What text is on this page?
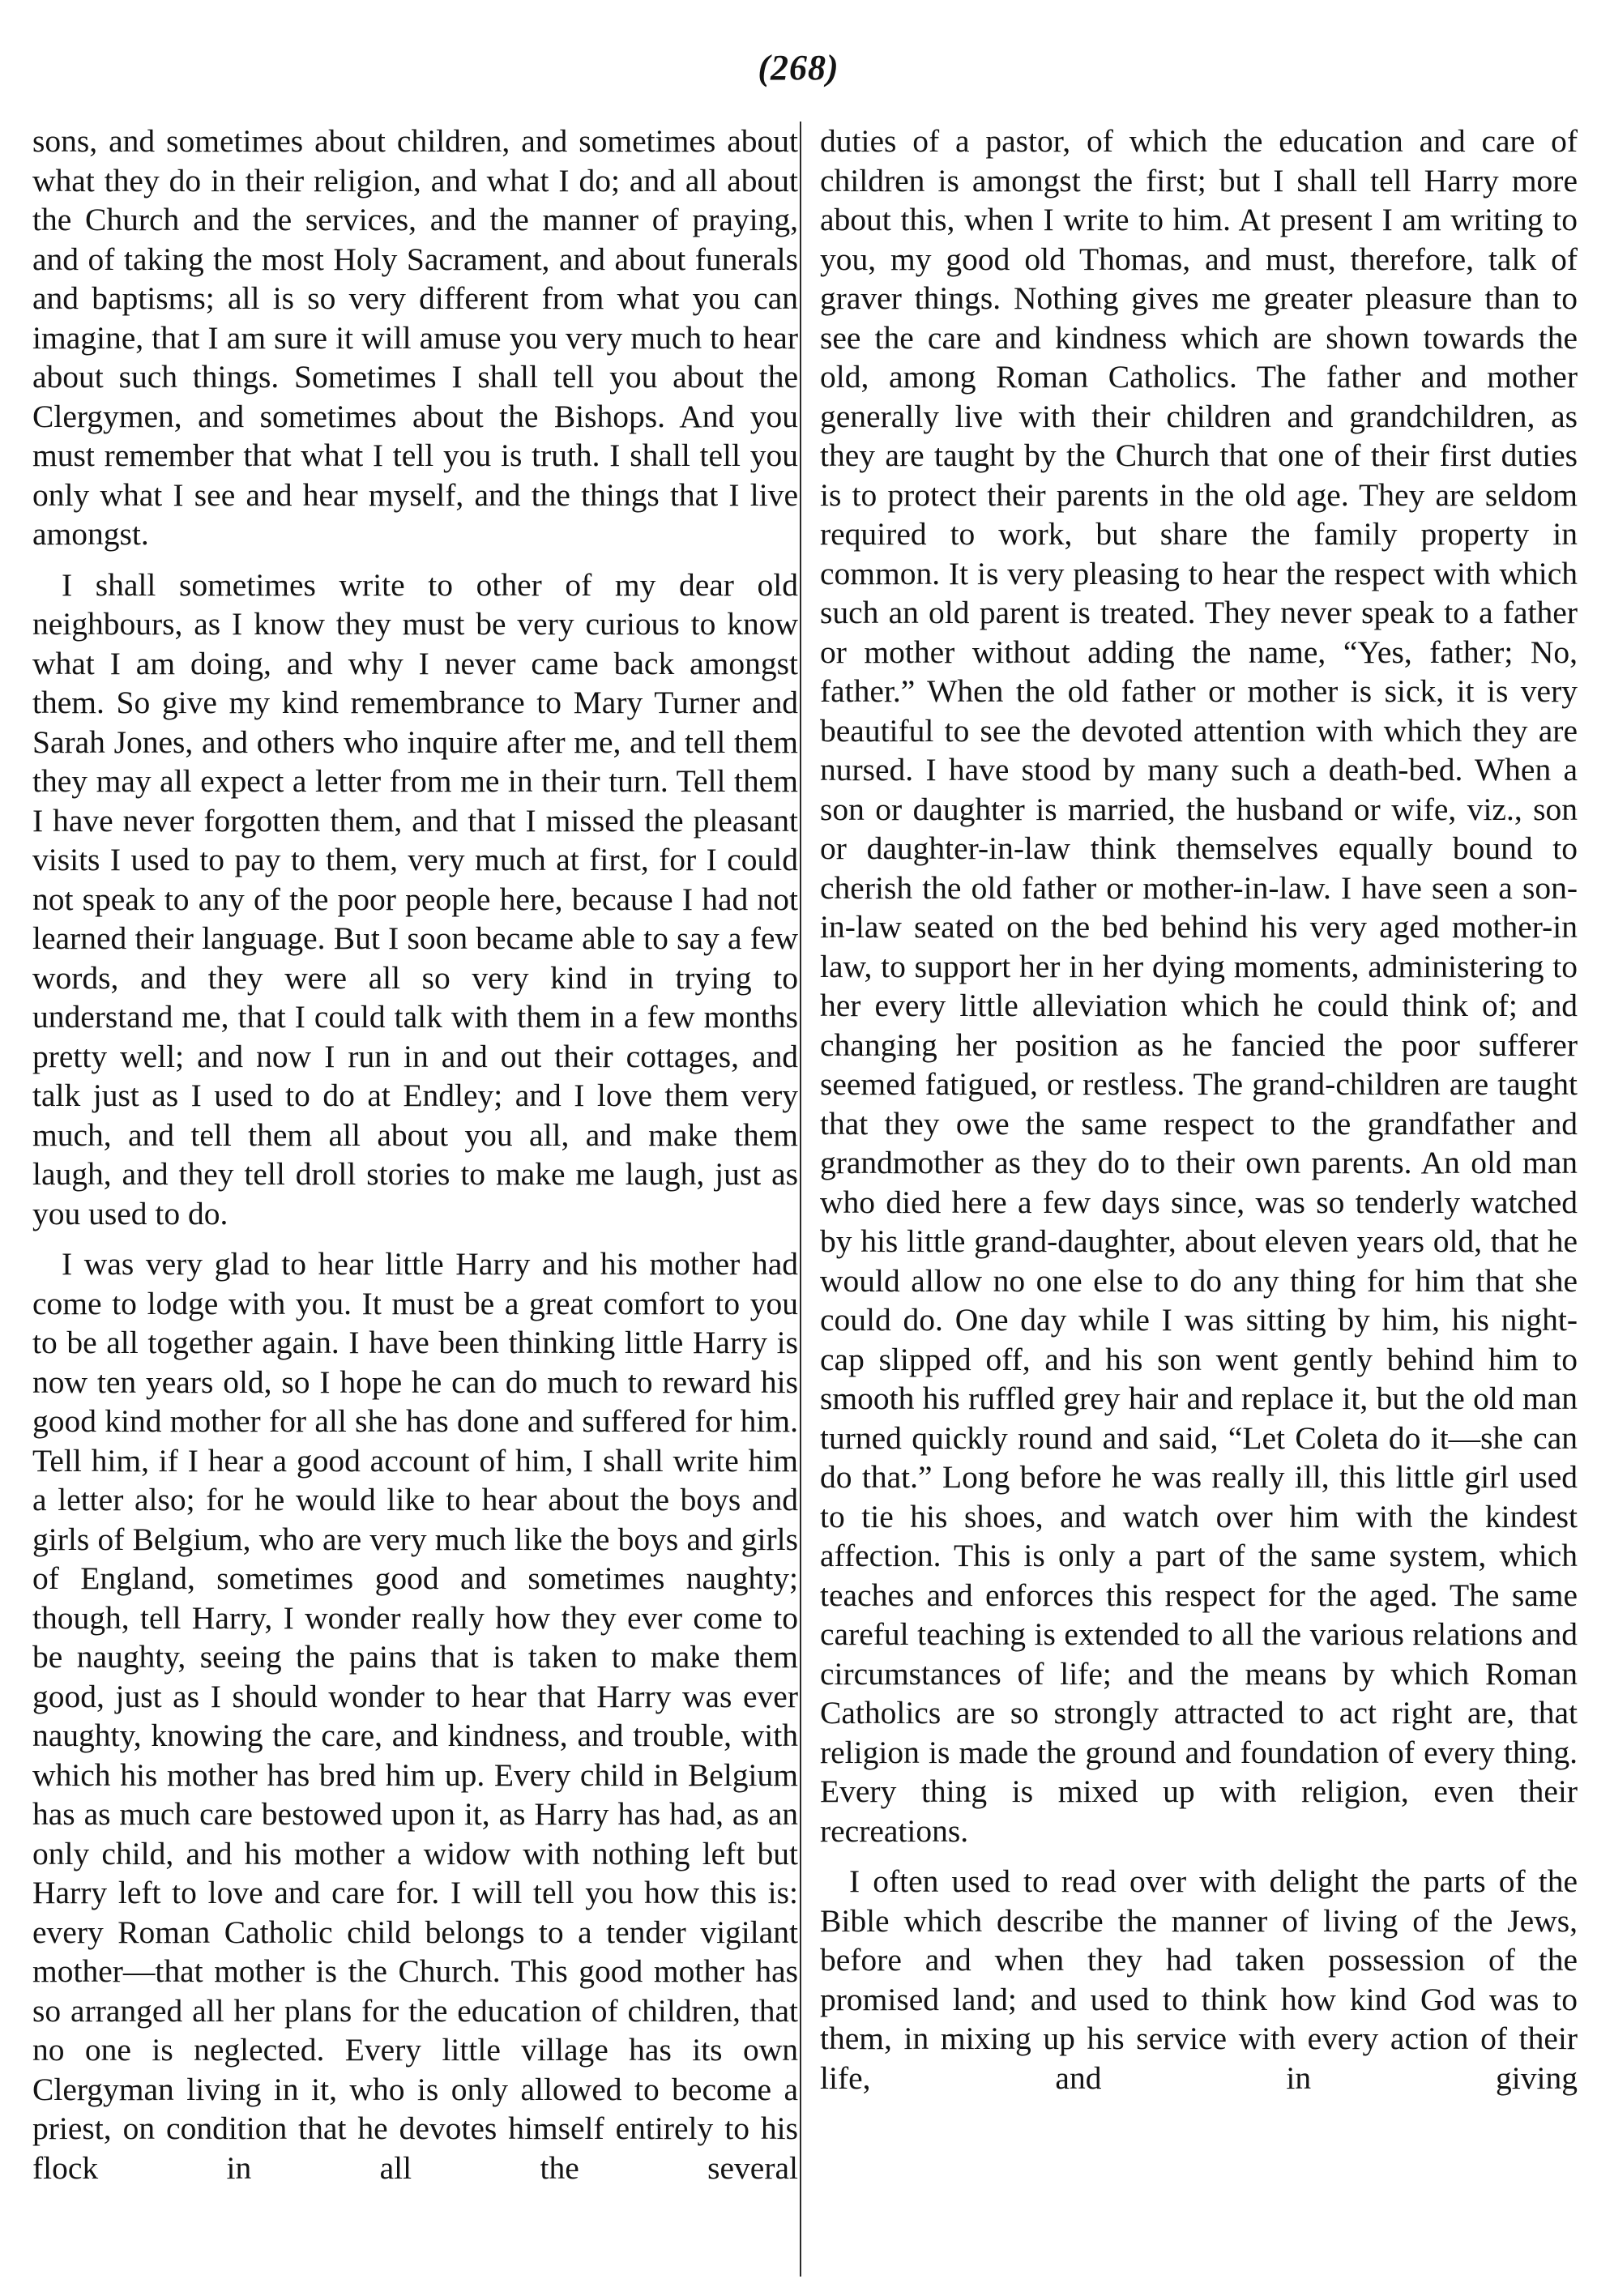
(268)

sons, and sometimes about children, and sometimes about what they do in their religion, and what I do; and all about the Church and the services, and the manner of praying, and of taking the most Holy Sacrament, and about funerals and baptisms; all is so very different from what you can imagine, that I am sure it will amuse you very much to hear about such things. Sometimes I shall tell you about the Clergymen, and sometimes about the Bishops. And you must remember that what I tell you is truth. I shall tell you only what I see and hear myself, and the things that I live amongst.

I shall sometimes write to other of my dear old neighbours, as I know they must be very curious to know what I am doing, and why I never came back amongst them. So give my kind remembrance to Mary Turner and Sarah Jones, and others who inquire after me, and tell them they may all expect a letter from me in their turn. Tell them I have never forgotten them, and that I missed the pleasant visits I used to pay to them, very much at first, for I could not speak to any of the poor people here, because I had not learned their language. But I soon became able to say a few words, and they were all so very kind in trying to understand me, that I could talk with them in a few months pretty well; and now I run in and out their cottages, and talk just as I used to do at Endley; and I love them very much, and tell them all about you all, and make them laugh, and they tell droll stories to make me laugh, just as you used to do.

I was very glad to hear little Harry and his mother had come to lodge with you. It must be a great comfort to you to be all together again. I have been thinking little Harry is now ten years old, so I hope he can do much to reward his good kind mother for all she has done and suffered for him. Tell him, if I hear a good account of him, I shall write him a letter also; for he would like to hear about the boys and girls of Belgium, who are very much like the boys and girls of England, sometimes good and sometimes naughty; though, tell Harry, I wonder really how they ever come to be naughty, seeing the pains that is taken to make them good, just as I should wonder to hear that Harry was ever naughty, knowing the care, and kindness, and trouble, with which his mother has bred him up. Every child in Belgium has as much care bestowed upon it, as Harry has had, as an only child, and his mother a widow with nothing left but Harry left to love and care for. I will tell you how this is: every Roman Catholic child belongs to a tender vigilant mother—that mother is the Church. This good mother has so arranged all her plans for the education of children, that no one is neglected. Every little village has its own Clergyman living in it, who is only allowed to become a priest, on condition that he devotes himself entirely to his flock in all the several

duties of a pastor, of which the education and care of children is amongst the first; but I shall tell Harry more about this, when I write to him. At present I am writing to you, my good old Thomas, and must, therefore, talk of graver things. Nothing gives me greater pleasure than to see the care and kindness which are shown towards the old, among Roman Catholics. The father and mother generally live with their children and grandchildren, as they are taught by the Church that one of their first duties is to protect their parents in the old age. They are seldom required to work, but share the family property in common. It is very pleasing to hear the respect with which such an old parent is treated. They never speak to a father or mother without adding the name, “Yes, father; No, father.” When the old father or mother is sick, it is very beautiful to see the devoted attention with which they are nursed. I have stood by many such a death-bed. When a son or daughter is married, the husband or wife, viz., son or daughter-in-law think themselves equally bound to cherish the old father or mother-in-law. I have seen a son-in-law seated on the bed behind his very aged mother-in law, to support her in her dying moments, administering to her every little alleviation which he could think of; and changing her position as he fancied the poor sufferer seemed fatigued, or restless. The grand-children are taught that they owe the same respect to the grandfather and grandmother as they do to their own parents. An old man who died here a few days since, was so tenderly watched by his little grand-daughter, about eleven years old, that he would allow no one else to do any thing for him that she could do. One day while I was sitting by him, his night-cap slipped off, and his son went gently behind him to smooth his ruffled grey hair and replace it, but the old man turned quickly round and said, “Let Coleta do it—she can do that.” Long before he was really ill, this little girl used to tie his shoes, and watch over him with the kindest affection. This is only a part of the same system, which teaches and enforces this respect for the aged. The same careful teaching is extended to all the various relations and circumstances of life; and the means by which Roman Catholics are so strongly attracted to act right are, that religion is made the ground and foundation of every thing. Every thing is mixed up with religion, even their recreations.

I often used to read over with delight the parts of the Bible which describe the manner of living of the Jews, before and when they had taken possession of the promised land; and used to think how kind God was to them, in mixing up his service with every action of their life, and in giving
